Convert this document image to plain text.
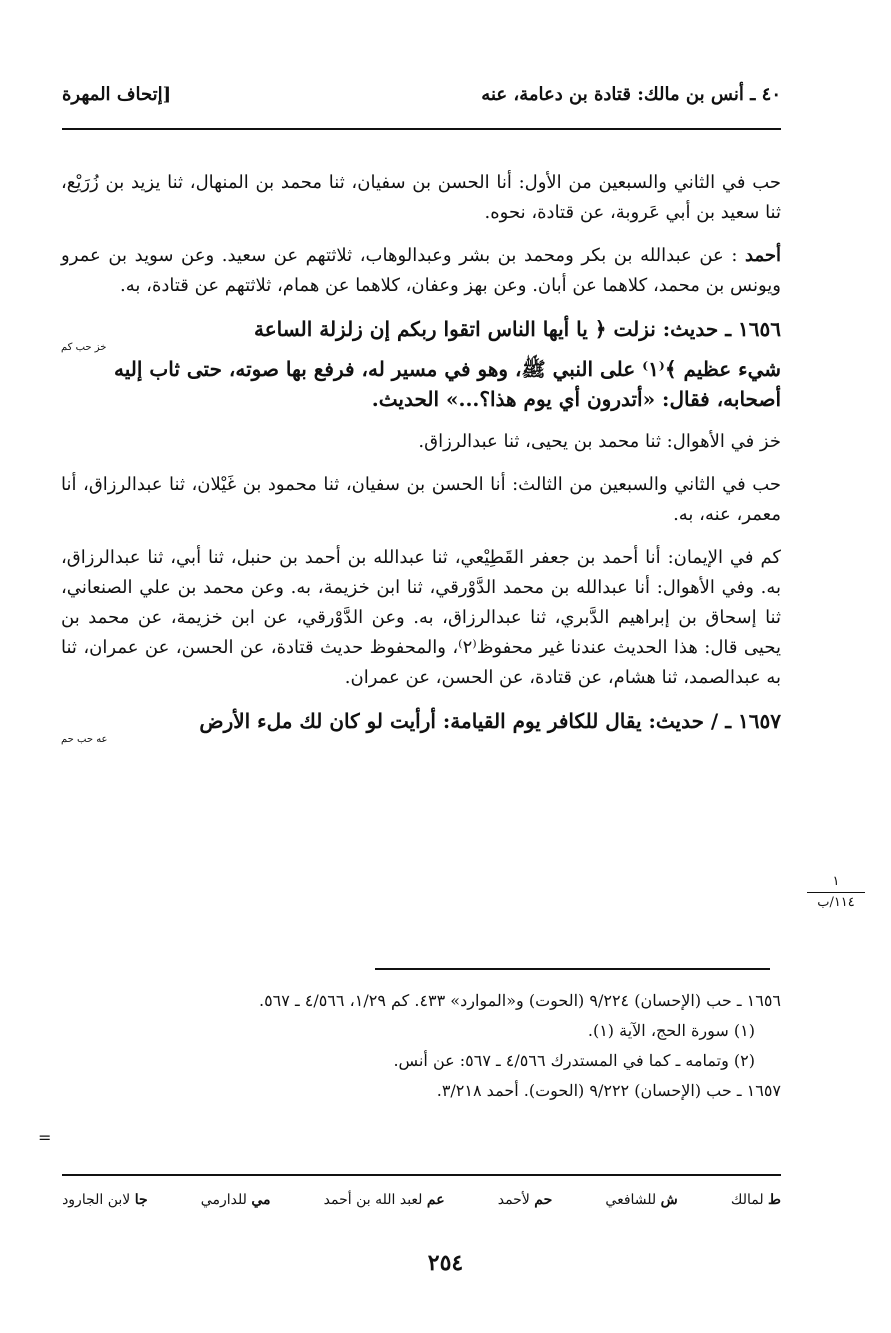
٤٠ ـ أنس بن مالك: قتادة بن دعامة، عنه
[إتحاف المهرة

حب في الثاني والسبعين من الأول: أنا الحسن بن سفيان، ثنا محمد بن المنهال، ثنا يزيد بن زُرَيْع، ثنا سعيد بن أبي عَروبة، عن قتادة، نحوه.

أحمد : عن عبدالله بن بكر ومحمد بن بشر وعبدالوهاب، ثلاثتهم عن سعيد. وعن سويد بن عمرو ويونس بن محمد، كلاهما عن أبان. وعن بهز وعفان، كلاهما عن همام، ثلاثتهم عن قتادة، به.

١٦٥٦ ـ حديث: نزلت ﴿ يا أيها الناس اتقوا ربكم إن زلزلة الساعة
خز حب كم
شيء عظيم ﴾⁽١⁾ على النبي ﷺ، وهو في مسير له، فرفع بها صوته، حتى ثاب إليه أصحابه، فقال: «أتدرون أي يوم هذا؟...» الحديث.

خز في الأهوال: ثنا محمد بن يحيى، ثنا عبدالرزاق.

حب في الثاني والسبعين من الثالث: أنا الحسن بن سفيان، ثنا محمود بن غَيْلان، ثنا عبدالرزاق، أنا معمر، عنه، به.

كم في الإيمان: أنا أحمد بن جعفر القَطِيْعي، ثنا عبدالله بن أحمد بن حنبل، ثنا أبي، ثنا عبدالرزاق، به. وفي الأهوال: أنا عبدالله بن محمد الدَّوْرقي، ثنا ابن خزيمة، به. وعن محمد بن علي الصنعاني، ثنا إسحاق بن إبراهيم الدَّبري، ثنا عبدالرزاق، به. وعن الدَّوْرقي، عن ابن خزيمة، عن محمد بن يحيى قال: هذا الحديث عندنا غير محفوظ⁽٢⁾، والمحفوظ حديث قتادة، عن الحسن، عن عمران، ثنا به عبدالصمد، ثنا هشام، عن قتادة، عن الحسن، عن عمران.

١٦٥٧ ـ / حديث: يقال للكافر يوم القيامة: أرأيت لو كان لك ملء الأرض
عه حب حم
١
١١٤/ب

١٦٥٦ ـ حب (الإحسان) ٩/٢٢٤ (الحوت) و«الموارد» ٤٣٣. كم ١/٢٩، ٤/٥٦٦ ـ ٥٦٧.

(١) سورة الحج، الآية (١).

(٢) وتمامه ـ كما في المستدرك ٤/٥٦٦ ـ ٥٦٧: عن أنس.

١٦٥٧ ـ حب (الإحسان) ٩/٢٢٢ (الحوت). أحمد ٣/٢١٨.

=
ط لمالك
ش للشافعي
حم لأحمد
عم لعبد الله بن أحمد
مي للدارمي
جا لابن الجارود
٢٥٤
